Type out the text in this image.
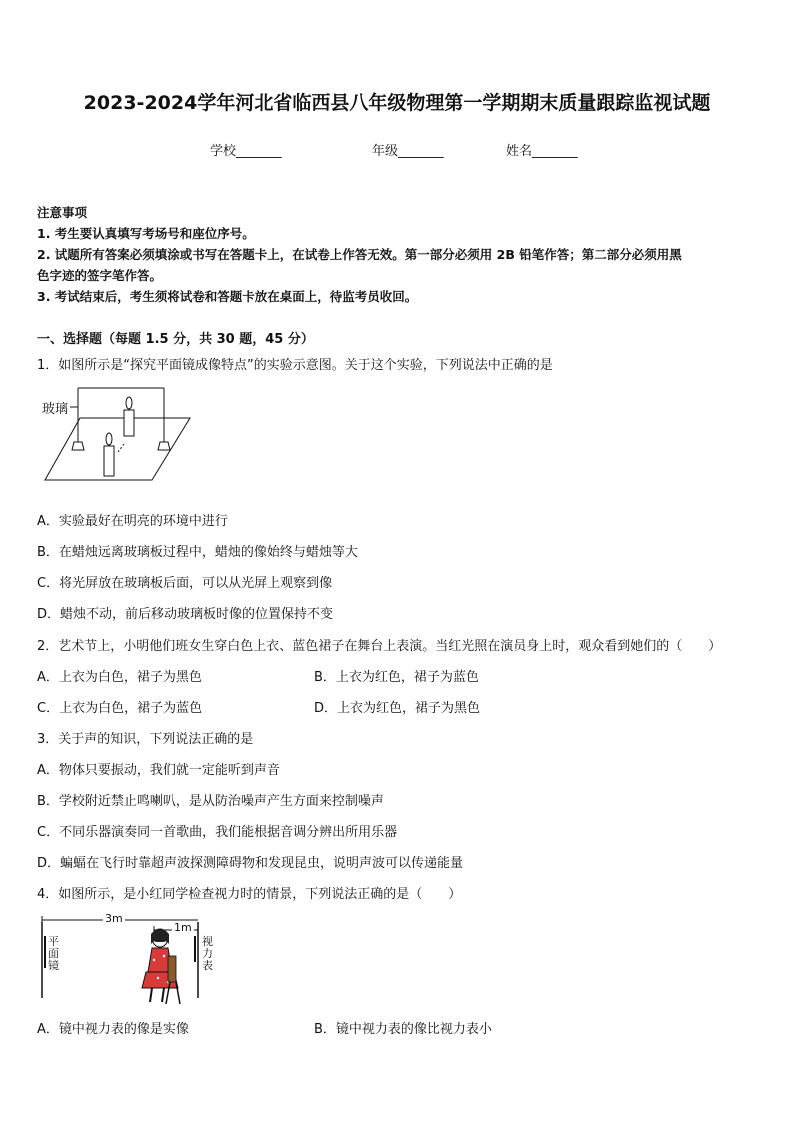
2023-2024学年河北省临西县八年级物理第一学期期末质量跟踪监视试题
学校_______	年级_______	姓名_______
注意事项
1. 考生要认真填写考场号和座位序号。
2. 试题所有答案必须填涂或书写在答题卡上，在试卷上作答无效。第一部分必须用 2B 铅笔作答；第二部分必须用黑
色字迹的签字笔作答。
3. 考试结束后，考生须将试卷和答题卡放在桌面上，待监考员收回。
一、选择题（每题 1.5 分，共 30 题，45 分）
1．如图所示是“探究平面镜成像特点”的实验示意图。关于这个实验，下列说法中正确的是
玻璃
A．实验最好在明亮的环境中进行
B．在蜡烛远离玻璃板过程中，蜡烛的像始终与蜡烛等大
C．将光屏放在玻璃板后面，可以从光屏上观察到像
D．蜡烛不动，前后移动玻璃板时像的位置保持不变
2．艺术节上，小明他们班女生穿白色上衣、蓝色裙子在舞台上表演。当红光照在演员身上时，观众看到她们的（　　）
A．上衣为白色，裙子为黑色	B．上衣为红色，裙子为蓝色
C．上衣为白色，裙子为蓝色	D．上衣为红色，裙子为黑色
3．关于声的知识，下列说法正确的是
A．物体只要振动，我们就一定能听到声音
B．学校附近禁止鸣喇叭，是从防治噪声产生方面来控制噪声
C．不同乐器演奏同一首歌曲，我们能根据音调分辨出所用乐器
D．蝙蝠在飞行时靠超声波探测障碍物和发现昆虫，说明声波可以传递能量
4．如图所示，是小红同学检查视力时的情景，下列说法正确的是（　　）
3m
1m
平面镜
视力表
A．镜中视力表的像是实像	B．镜中视力表的像比视力表小
